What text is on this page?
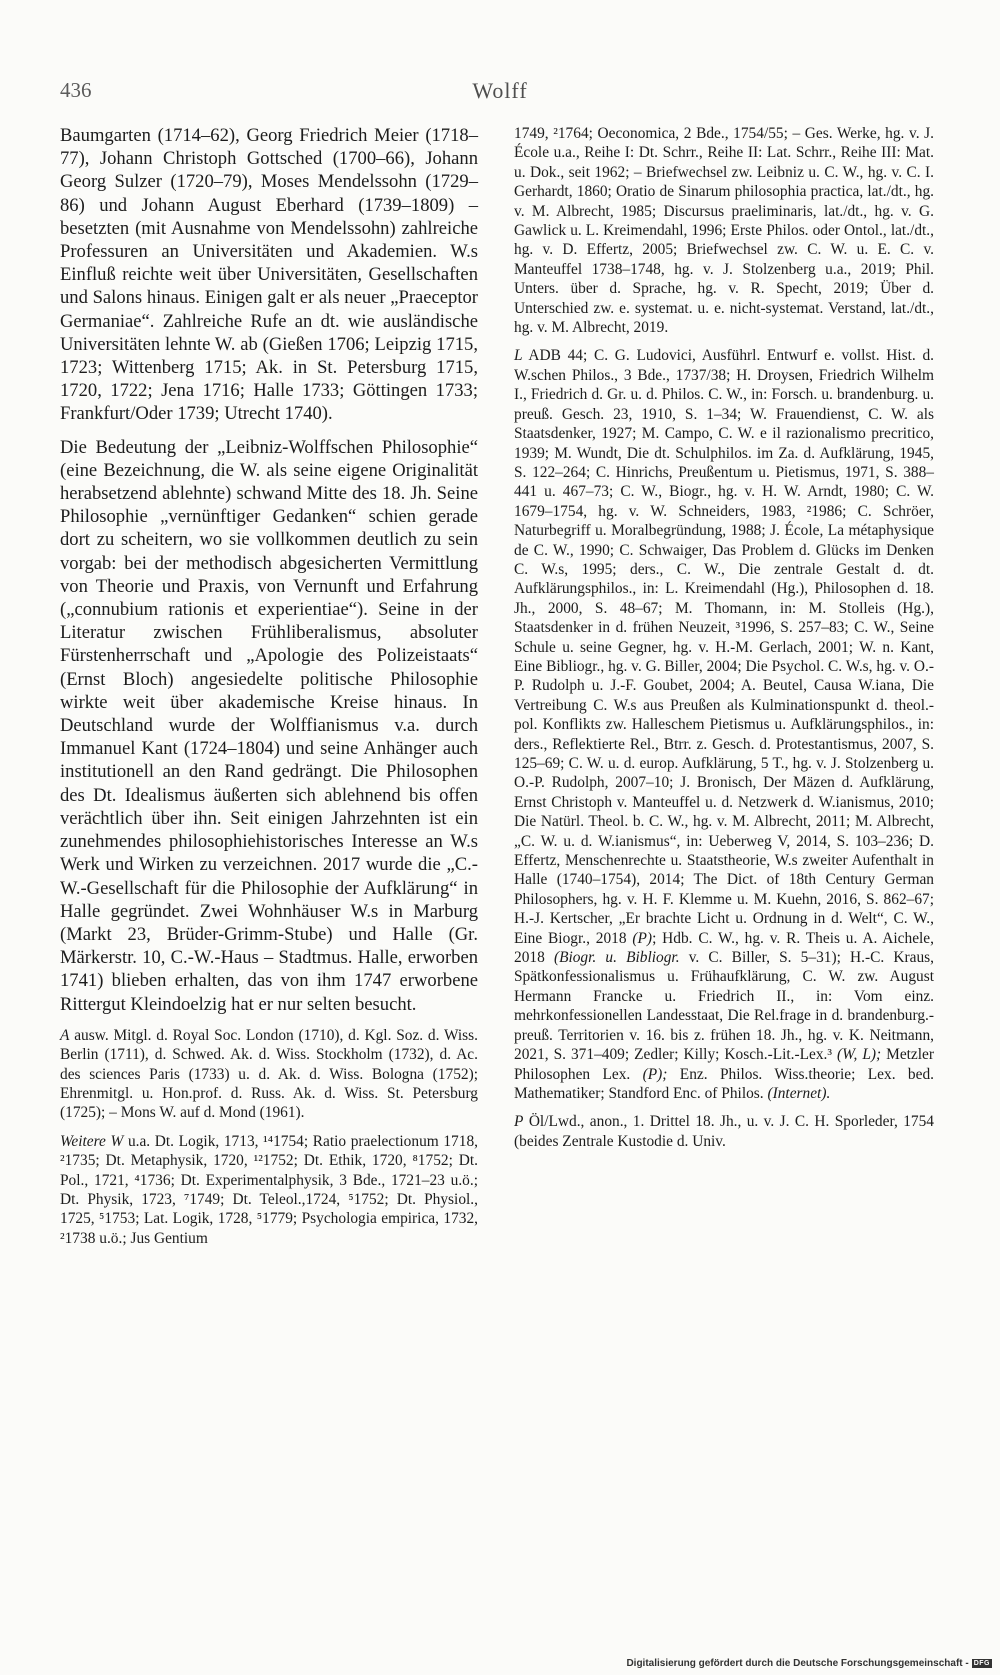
436	Wolff

Baumgarten (1714–62), Georg Friedrich Meier (1718–77), Johann Christoph Gottsched (1700–66), Johann Georg Sulzer (1720–79), Moses Mendelssohn (1729–86) und Johann August Eberhard (1739–1809) – besetzten (mit Ausnahme von Mendelssohn) zahlreiche Professuren an Universitäten und Akademien. W.s Einfluß reichte weit über Universitäten, Gesellschaften und Salons hinaus. Einigen galt er als neuer „Praeceptor Germaniae“. Zahlreiche Rufe an dt. wie ausländische Universitäten lehnte W. ab (Gießen 1706; Leipzig 1715, 1723; Wittenberg 1715; Ak. in St. Petersburg 1715, 1720, 1722; Jena 1716; Halle 1733; Göttingen 1733; Frankfurt/Oder 1739; Utrecht 1740).

Die Bedeutung der „Leibniz-Wolffschen Philosophie“ (eine Bezeichnung, die W. als seine eigene Originalität herabsetzend ablehnte) schwand Mitte des 18. Jh. Seine Philosophie „vernünftiger Gedanken“ schien gerade dort zu scheitern, wo sie vollkommen deutlich zu sein vorgab: bei der methodisch abgesicherten Vermittlung von Theorie und Praxis, von Vernunft und Erfahrung („connubium rationis et experientiae“). Seine in der Literatur zwischen Frühliberalismus, absoluter Fürstenherrschaft und „Apologie des Polizeistaats“ (Ernst Bloch) angesiedelte politische Philosophie wirkte weit über akademische Kreise hinaus. In Deutschland wurde der Wolffianismus v.a. durch Immanuel Kant (1724–1804) und seine Anhänger auch institutionell an den Rand gedrängt. Die Philosophen des Dt. Idealismus äußerten sich ablehnend bis offen verächtlich über ihn. Seit einigen Jahrzehnten ist ein zunehmendes philosophiehistorisches Interesse an W.s Werk und Wirken zu verzeichnen. 2017 wurde die „C.-W.-Gesellschaft für die Philosophie der Aufklärung“ in Halle gegründet. Zwei Wohnhäuser W.s in Marburg (Markt 23, Brüder-Grimm-Stube) und Halle (Gr. Märkerstr. 10, C.-W.-Haus – Stadtmus. Halle, erworben 1741) blieben erhalten, das von ihm 1747 erworbene Rittergut Kleindoelzig hat er nur selten besucht.

A ausw. Mitgl. d. Royal Soc. London (1710), d. Kgl. Soz. d. Wiss. Berlin (1711), d. Schwed. Ak. d. Wiss. Stockholm (1732), d. Ac. des sciences Paris (1733) u. d. Ak. d. Wiss. Bologna (1752); Ehrenmitgl. u. Hon.prof. d. Russ. Ak. d. Wiss. St. Petersburg (1725); – Mons W. auf d. Mond (1961).

Weitere W u.a. Dt. Logik, 1713, ¹⁴1754; Ratio praelectionum 1718, ²1735; Dt. Metaphysik, 1720, ¹²1752; Dt. Ethik, 1720, ⁸1752; Dt. Pol., 1721, ⁴1736; Dt. Experimentalphysik, 3 Bde., 1721–23 u.ö.; Dt. Physik, 1723, ⁷1749; Dt. Teleol.,1724, ⁵1752; Dt. Physiol., 1725, ⁵1753; Lat. Logik, 1728, ⁵1779; Psychologia empirica, 1732, ²1738 u.ö.; Jus Gentium

1749, ²1764; Oeconomica, 2 Bde., 1754/55; – Ges. Werke, hg. v. J. École u.a., Reihe I: Dt. Schrr., Reihe II: Lat. Schrr., Reihe III: Mat. u. Dok., seit 1962; – Briefwechsel zw. Leibniz u. C. W., hg. v. C. I. Gerhardt, 1860; Oratio de Sinarum philosophia practica, lat./dt., hg. v. M. Albrecht, 1985; Discursus praeliminaris, lat./dt., hg. v. G. Gawlick u. L. Kreimendahl, 1996; Erste Philos. oder Ontol., lat./dt., hg. v. D. Effertz, 2005; Briefwechsel zw. C. W. u. E. C. v. Manteuffel 1738–1748, hg. v. J. Stolzenberg u.a., 2019; Phil. Unters. über d. Sprache, hg. v. R. Specht, 2019; Über d. Unterschied zw. e. systemat. u. e. nicht-systemat. Verstand, lat./dt., hg. v. M. Albrecht, 2019.

L ADB 44; C. G. Ludovici, Ausführl. Entwurf e. vollst. Hist. d. W.schen Philos., 3 Bde., 1737/38; H. Droysen, Friedrich Wilhelm I., Friedrich d. Gr. u. d. Philos. C. W., in: Forsch. u. brandenburg. u. preuß. Gesch. 23, 1910, S. 1–34; W. Frauendienst, C. W. als Staatsdenker, 1927; M. Campo, C. W. e il razionalismo precritico, 1939; M. Wundt, Die dt. Schulphilos. im Za. d. Aufklärung, 1945, S. 122–264; C. Hinrichs, Preußentum u. Pietismus, 1971, S. 388–441 u. 467–73; C. W., Biogr., hg. v. H. W. Arndt, 1980; C. W. 1679–1754, hg. v. W. Schneiders, 1983, ²1986; C. Schröer, Naturbegriff u. Moralbegründung, 1988; J. École, La métaphysique de C. W., 1990; C. Schwaiger, Das Problem d. Glücks im Denken C. W.s, 1995; ders., C. W., Die zentrale Gestalt d. dt. Aufklärungsphilos., in: L. Kreimendahl (Hg.), Philosophen d. 18. Jh., 2000, S. 48–67; M. Thomann, in: M. Stolleis (Hg.), Staatsdenker in d. frühen Neuzeit, ³1996, S. 257–83; C. W., Seine Schule u. seine Gegner, hg. v. H.-M. Gerlach, 2001; W. n. Kant, Eine Bibliogr., hg. v. G. Biller, 2004; Die Psychol. C. W.s, hg. v. O.-P. Rudolph u. J.-F. Goubet, 2004; A. Beutel, Causa W.iana, Die Vertreibung C. W.s aus Preußen als Kulminationspunkt d. theol.-pol. Konflikts zw. Halleschem Pietismus u. Aufklärungsphilos., in: ders., Reflektierte Rel., Btrr. z. Gesch. d. Protestantismus, 2007, S. 125–69; C. W. u. d. europ. Aufklärung, 5 T., hg. v. J. Stolzenberg u. O.-P. Rudolph, 2007–10; J. Bronisch, Der Mäzen d. Aufklärung, Ernst Christoph v. Manteuffel u. d. Netzwerk d. W.ianismus, 2010; Die Natürl. Theol. b. C. W., hg. v. M. Albrecht, 2011; M. Albrecht, „C. W. u. d. W.ianismus“, in: Ueberweg V, 2014, S. 103–236; D. Effertz, Menschenrechte u. Staatstheorie, W.s zweiter Aufenthalt in Halle (1740–1754), 2014; The Dict. of 18th Century German Philosophers, hg. v. H. F. Klemme u. M. Kuehn, 2016, S. 862–67; H.-J. Kertscher, „Er brachte Licht u. Ordnung in d. Welt“, C. W., Eine Biogr., 2018 (P); Hdb. C. W., hg. v. R. Theis u. A. Aichele, 2018 (Biogr. u. Bibliogr. v. C. Biller, S. 5–31); H.-C. Kraus, Spätkonfessionalismus u. Frühaufklärung, C. W. zw. August Hermann Francke u. Friedrich II., in: Vom einz. mehrkonfessionellen Landesstaat, Die Rel.frage in d. brandenburg.-preuß. Territorien v. 16. bis z. frühen 18. Jh., hg. v. K. Neitmann, 2021, S. 371–409; Zedler; Killy; Kosch.-Lit.-Lex.³ (W, L); Metzler Philosophen Lex. (P); Enz. Philos. Wiss.theorie; Lex. bed. Mathematiker; Standford Enc. of Philos. (Internet).

P Öl/Lwd., anon., 1. Drittel 18. Jh., u. v. J. C. H. Sporleder, 1754 (beides Zentrale Kustodie d. Univ.

Digitalisierung gefördert durch die Deutsche Forschungsgemeinschaft - DFG
